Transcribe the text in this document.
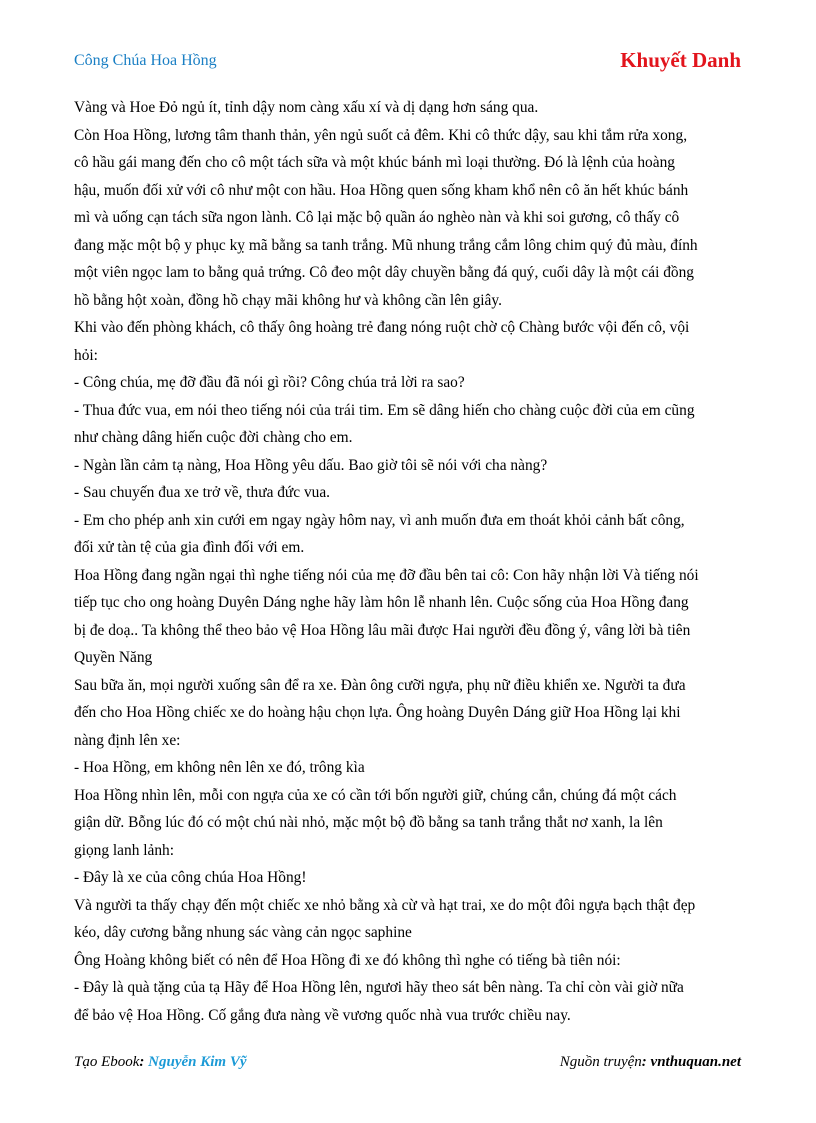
Công Chúa Hoa Hồng	Khuyết Danh
Vàng và Hoe Đỏ ngủ ít, tỉnh dậy nom càng xấu xí và dị dạng hơn sáng qua.
Còn Hoa Hồng, lương tâm thanh thản, yên ngủ suốt cả đêm. Khi cô thức dậy, sau khi tắm rửa xong,
cô hầu gái mang đến cho cô một tách sữa và một khúc bánh mì loại thường. Đó là lệnh của hoàng
hậu, muốn đối xử với cô như một con hầu. Hoa Hồng quen sống kham khổ nên cô ăn hết khúc bánh
mì và uống cạn tách sữa ngon lành. Cô lại mặc bộ quần áo nghèo nàn và khi soi gương, cô thấy cô
đang mặc một bộ y phục kỵ mã bằng sa tanh trắng. Mũ nhung trắng cắm lông chim quý đủ màu, đính
một viên ngọc lam to bằng quả trứng. Cô đeo một dây chuyền bằng đá quý, cuối dây là một cái đồng
hồ bằng hột xoàn, đồng hồ chạy mãi không hư và không cần lên giây.
Khi vào đến phòng khách, cô thấy ông hoàng trẻ đang nóng ruột chờ cộ Chàng bước vội đến cô, vội
hỏi:
- Công chúa, mẹ đỡ đầu đã nói gì rồi? Công chúa trả lời ra sao?
- Thua đức vua, em nói theo tiếng nói của trái tim. Em sẽ dâng hiến cho chàng cuộc đời của em cũng
như chàng dâng hiến cuộc đời chàng cho em.
- Ngàn lần cảm tạ nàng, Hoa Hồng yêu dấu. Bao giờ tôi sẽ nói với cha nàng?
- Sau chuyến đua xe trở về, thưa đức vua.
- Em cho phép anh xin cưới em ngay ngày hôm nay, vì anh muốn đưa em thoát khỏi cảnh bất công,
đối xử tàn tệ của gia đình đối với em.
Hoa Hồng đang ngần ngại thì nghe tiếng nói của mẹ đỡ đầu bên tai cô: Con hãy nhận lời Và tiếng nói
tiếp tục cho ong hoàng Duyên Dáng nghe hãy làm hôn lễ nhanh lên. Cuộc sống của Hoa Hồng đang
bị đe doạ.. Ta không thể theo bảo vệ Hoa Hồng lâu mãi được Hai người đều đồng ý, vâng lời bà tiên
Quyền Năng
Sau bữa ăn, mọi người xuống sân để ra xe. Đàn ông cưỡi ngựa, phụ nữ điều khiển xe. Người ta đưa
đến cho Hoa Hồng chiếc xe do hoàng hậu chọn lựa. Ông hoàng Duyên Dáng giữ Hoa Hồng lại khi
nàng định lên xe:
- Hoa Hồng, em không nên lên xe đó, trông kìa
Hoa Hồng nhìn lên, mỗi con ngựa của xe có cần tới bốn người giữ, chúng cắn, chúng đá một cách
giận dữ. Bỗng lúc đó có một chú nài nhỏ, mặc một bộ đồ bằng sa tanh trắng thắt nơ xanh, la lên
giọng lanh lảnh:
- Đây là xe của công chúa Hoa Hồng!
Và người ta thấy chạy đến một chiếc xe nhỏ bằng xà cừ và hạt trai, xe do một đôi ngựa bạch thật đẹp
kéo, dây cương bằng nhung sác vàng cản ngọc saphine
Ông Hoàng không biết có nên để Hoa Hồng đi xe đó không thì nghe có tiếng bà tiên nói:
- Đây là quà tặng của tạ Hãy để Hoa Hồng lên, ngươi hãy theo sát bên nàng. Ta chỉ còn vài giờ nữa
để bảo vệ Hoa Hồng. Cố gắng đưa nàng về vương quốc nhà vua trước chiều nay.
Tạo Ebook: Nguyễn Kim Vỹ	Nguồn truyện: vnthuquan.net
